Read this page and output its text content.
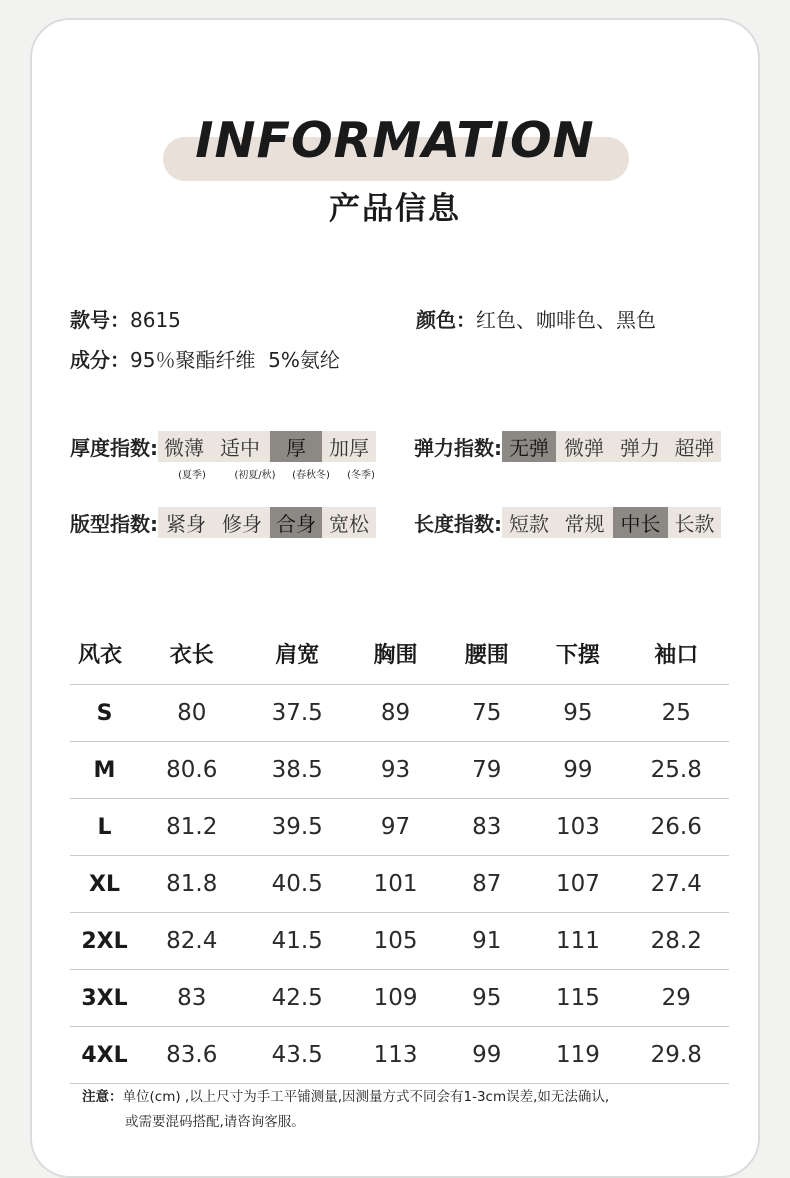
INFORMATION
产品信息
款号：8615	颜色：红色、咖啡色、黑色
成分：95％聚酯纤维  5%氨纶
厚度指数: 微薄 适中	厚	加厚
(夏季)	(初夏/秋)	(春秋冬)	(冬季)
弹力指数: 无弹 微弹 弹力 超弹
版型指数: 紧身 修身 合身 宽松	长度指数: 短款 常规 中长 长款
风衣	衣长	肩宽	胸围	腰围	下摆	袖口
S	80	37.5	89	75	95	25
M	80.6	38.5	93	79	99	25.8
L	81.2	39.5	97	83	103	26.6
XL	81.8	40.5	101	87	107	27.4
2XL	82.4	41.5	105	91	111	28.2
3XL	83	42.5	109	95	115	29
4XL	83.6	43.5	113	99	119	29.8
注意：单位(cm) ,以上尺寸为手工平铺测量,因测量方式不同会有1-3cm误差,如无法确认,
或需要混码搭配,请咨询客服。
